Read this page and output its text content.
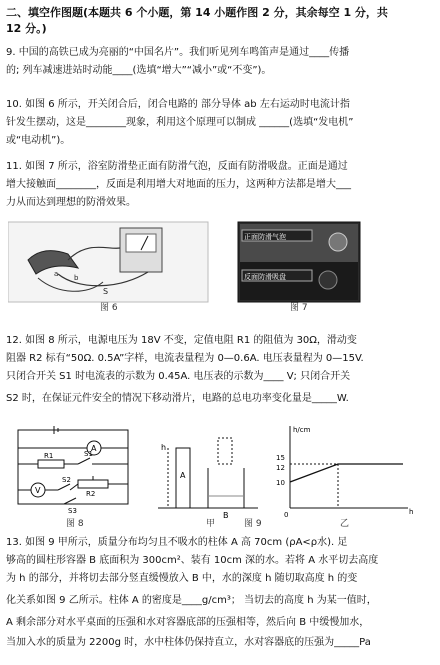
二、填空作图题(本题共 6 个小题，第 14 小题作图 2 分，其余每空 1 分，共
12 分。)
9. 中国的高铁已成为亮丽的“中国名片”。我们听见列车鸣笛声是通过____传播
的; 列车减速进站时动能____(选填“增大”“减小”或“不变”)。
10. 如图 6 所示，开关闭合后，闭合电路的 部分导体 ab 左右运动时电流计指
针发生摆动，这是________现象，利用这个原理可以制成 ______(选填“发电机”
或“电动机”)。
11. 如图 7 所示，浴室防滑垫正面有防滑气泡，反面有防滑吸盘。正面是通过
增大接触面________，反面是利用增大对地面的压力，这两种方法都是增大___
力从而达到理想的防滑效果。
S
a b
图 6
正面防滑气泡
反面防滑吸盘
图 7
12. 如图 8 所示，电源电压为 18V 不变，定值电阻 R1 的阻值为 30Ω，滑动变
阻器 R2 标有“50Ω. 0.5A”字样，电流表量程为 0—0.6A. 电压表量程为 0—15V.
只闭合开关 S1 时电流表的示数为 0.45A. 电压表的示数为____ V; 只闭合开关
S2 时，在保证元件安全的情况下移动滑片，电路的总电功率变化量是_____W.
A
V
R1
R2
S1
S2
S3
图 8
A
B
h
甲
h/cm
h
15
12
10
0
乙
图 9
13. 如图 9 甲所示，质量分布均匀且不吸水的柱体 A 高 70cm (ρA<ρ水). 足
够高的圆柱形容器 B 底面积为 300cm²、装有 10cm 深的水。若将 A 水平切去高度
为 h 的部分，并将切去部分竖直缓慢放入 B 中，水的深度 h 随切取高度 h 的变
化关系如图 9 乙所示。柱体 A 的密度是____g/cm³； 当切去的高度 h 为某一值时，
A 剩余部分对水平桌面的压强和水对容器底部的压强相等，然后向 B 中缓慢加水，
当加入水的质量为 2200g 时，水中柱体仍保持直立，水对容器底的压强为_____Pa
